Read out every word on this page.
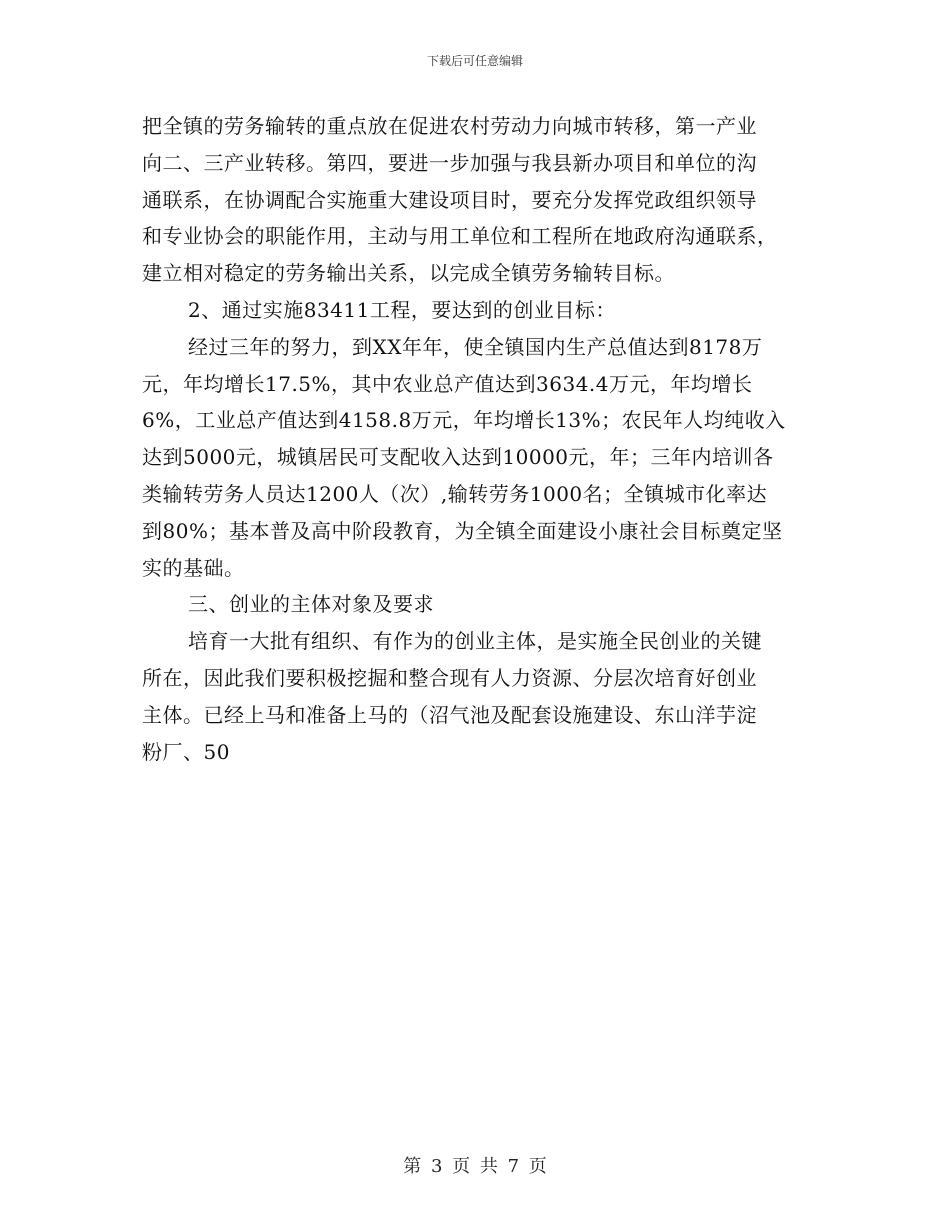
下载后可任意编辑
把全镇的劳务输转的重点放在促进农村劳动力向城市转移，第一产业
向二、三产业转移。第四，要进一步加强与我县新办项目和单位的沟
通联系，在协调配合实施重大建设项目时，要充分发挥党政组织领导
和专业协会的职能作用，主动与用工单位和工程所在地政府沟通联系，
建立相对稳定的劳务输出关系，以完成全镇劳务输转目标。
2、通过实施83411工程，要达到的创业目标：
经过三年的努力，到XX年年，使全镇国内生产总值达到8178万
元，年均增长17.5%，其中农业总产值达到3634.4万元，年均增长
6%，工业总产值达到4158.8万元，年均增长13%；农民年人均纯收入
达到5000元，城镇居民可支配收入达到10000元，年；三年内培训各
类输转劳务人员达1200人（次）,输转劳务1000名；全镇城市化率达
到80%；基本普及高中阶段教育，为全镇全面建设小康社会目标奠定坚
实的基础。
三、创业的主体对象及要求
培育一大批有组织、有作为的创业主体，是实施全民创业的关键
所在，因此我们要积极挖掘和整合现有人力资源、分层次培育好创业
主体。已经上马和准备上马的（沼气池及配套设施建设、东山洋芋淀
粉厂、50
第 3 页 共 7 页
